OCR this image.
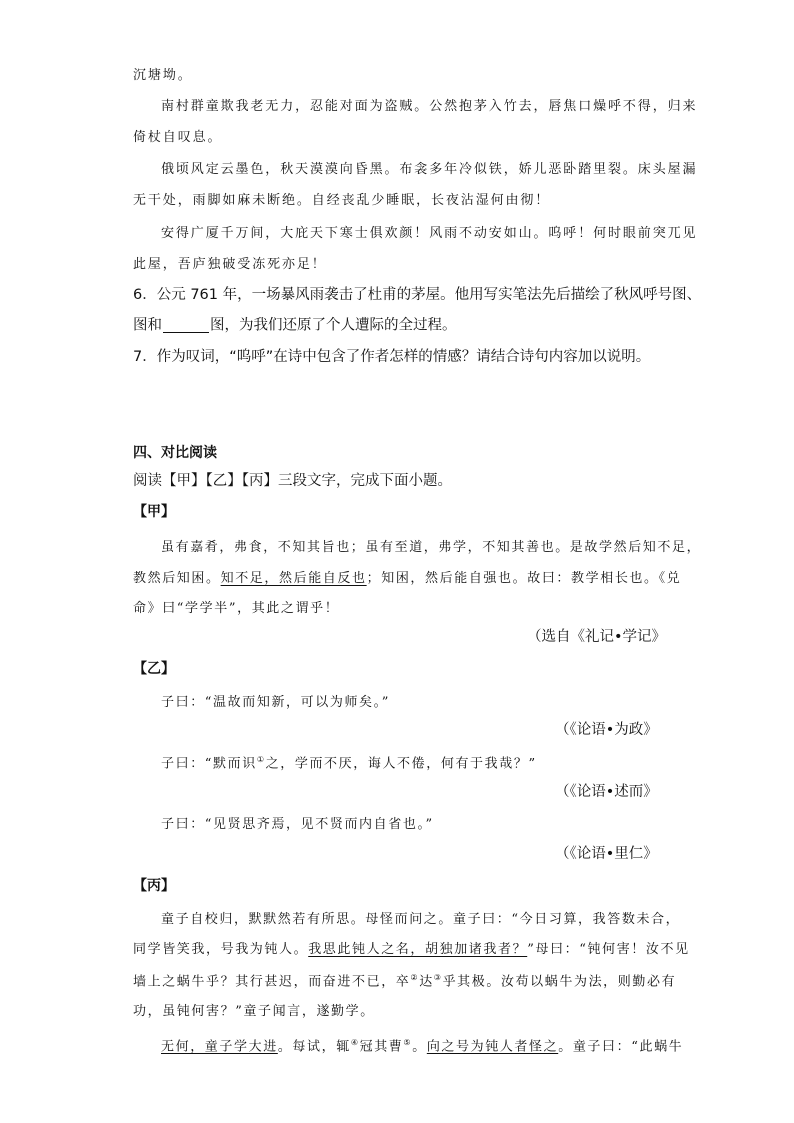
沉塘坳。
南村群童欺我老无力，忍能对面为盗贼。公然抱茅入竹去，唇焦口燥呼不得，归来
倚杖自叹息。
俄顷风定云墨色，秋天漠漠向昏黑。布衾多年冷似铁，娇儿恶卧踏里裂。床头屋漏
无干处，雨脚如麻未断绝。自经丧乱少睡眠，长夜沾湿何由彻！
安得广厦千万间，大庇天下寒士俱欢颜！风雨不动安如山。呜呼！何时眼前突兀见
此屋，吾庐独破受冻死亦足！
6．公元 761 年，一场暴风雨袭击了杜甫的茅屋。他用写实笔法先后描绘了秋风呼号图、
图和	图，为我们还原了个人遭际的全过程。
7．作为叹词，“呜呼”在诗中包含了作者怎样的情感？请结合诗句内容加以说明。
四、对比阅读
阅读【甲】【乙】【丙】三段文字，完成下面小题。
【甲】
虽有嘉肴，弗食，不知其旨也；虽有至道，弗学，不知其善也。是故学然后知不足，
教然后知困。知不足，然后能自反也；知困，然后能自强也。故曰：教学相长也。《兑
命》曰“学学半”，其此之谓乎！
（选自《礼记•学记》
【乙】
子曰：“温故而知新，可以为师矣。”
（《论语•为政》
子曰：“默而识①之，学而不厌，诲人不倦，何有于我哉？”
（《论语•述而》
子曰：“见贤思齐焉，见不贤而内自省也。”
（《论语•里仁》
【丙】
童子自校归，默默然若有所思。母怪而问之。童子曰：“今日习算，我答数未合，
同学皆笑我，号我为钝人。我思此钝人之名，胡独加诸我者？”母曰：“钝何害！汝不见
墙上之蜗牛乎？其行甚迟，而奋进不已，卒②达③乎其极。汝苟以蜗牛为法，则勤必有
功，虽钝何害？”童子闻言，遂勤学。
无何，童子学大进。每试，辄④冠其曹⑤。向之号为钝人者怪之。童子曰：“此蜗牛
